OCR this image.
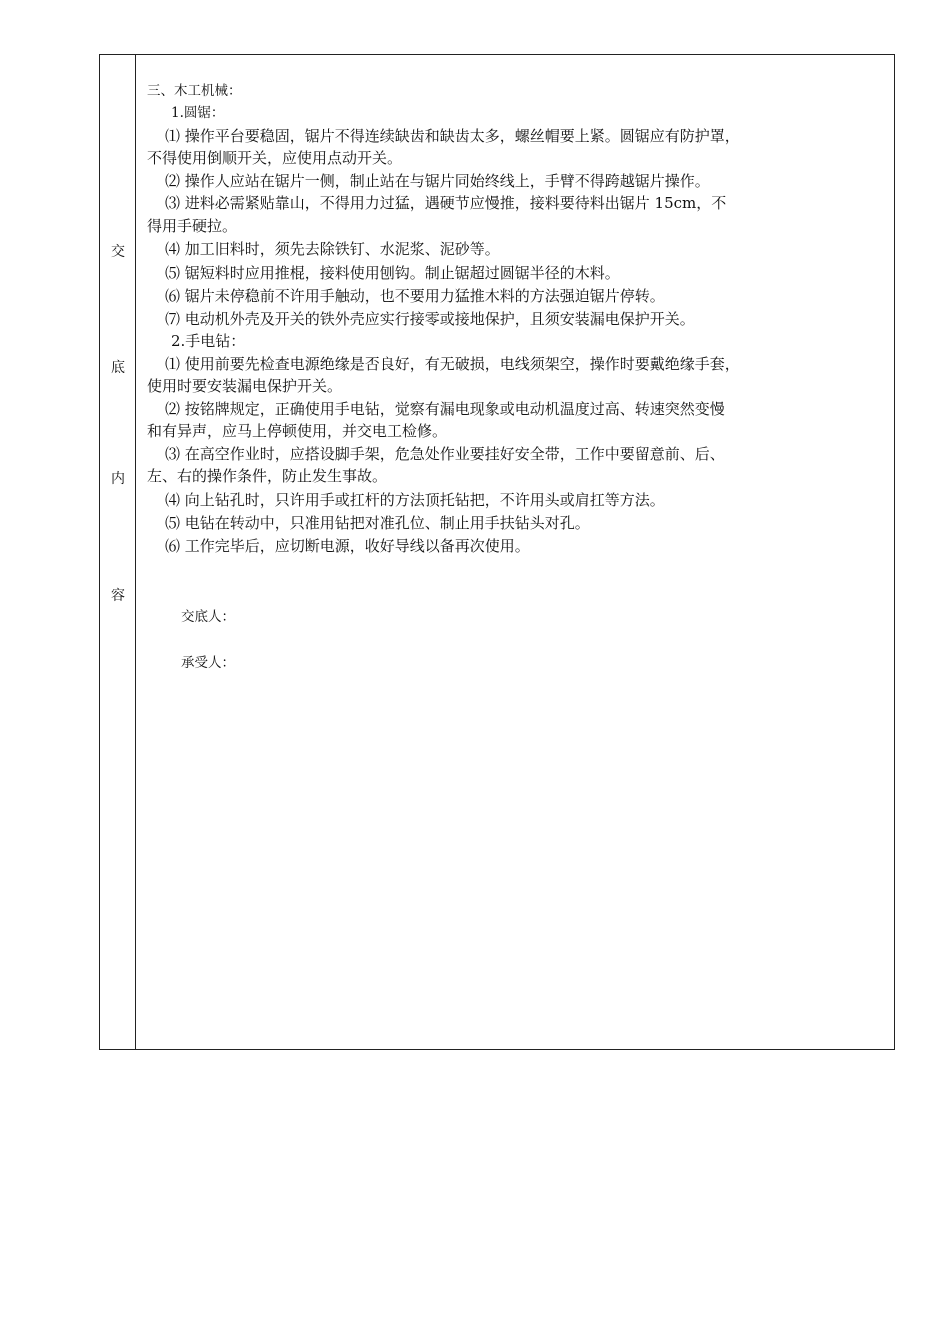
交
底
内
容
三、木工机械：
1.圆锯：
⑴ 操作平台要稳固，锯片不得连续缺齿和缺齿太多，螺丝帽要上紧。圆锯应有防护罩，
不得使用倒顺开关，应使用点动开关。
⑵ 操作人应站在锯片一侧，制止站在与锯片同始终线上，手臂不得跨越锯片操作。
⑶ 进料必需紧贴靠山，不得用力过猛，遇硬节应慢推，接料要待料出锯片 15cm，不
得用手硬拉。
⑷ 加工旧料时，须先去除铁钉、水泥浆、泥砂等。
⑸ 锯短料时应用推棍，接料使用刨钩。制止锯超过圆锯半径的木料。
⑹ 锯片未停稳前不许用手触动，也不要用力猛推木料的方法强迫锯片停转。
⑺ 电动机外壳及开关的铁外壳应实行接零或接地保护，且须安装漏电保护开关。
2.手电钻：
⑴ 使用前要先检查电源绝缘是否良好，有无破损，电线须架空，操作时要戴绝缘手套，
使用时要安装漏电保护开关。
⑵ 按铭牌规定，正确使用手电钻，觉察有漏电现象或电动机温度过高、转速突然变慢
和有异声，应马上停顿使用，并交电工检修。
⑶ 在高空作业时，应搭设脚手架，危急处作业要挂好安全带，工作中要留意前、后、
左、右的操作条件，防止发生事故。
⑷ 向上钻孔时，只许用手或扛杆的方法顶托钻把，不许用头或肩扛等方法。
⑸ 电钻在转动中，只准用钻把对准孔位、制止用手扶钻头对孔。
⑹ 工作完毕后，应切断电源，收好导线以备再次使用。
交底人：
承受人：
